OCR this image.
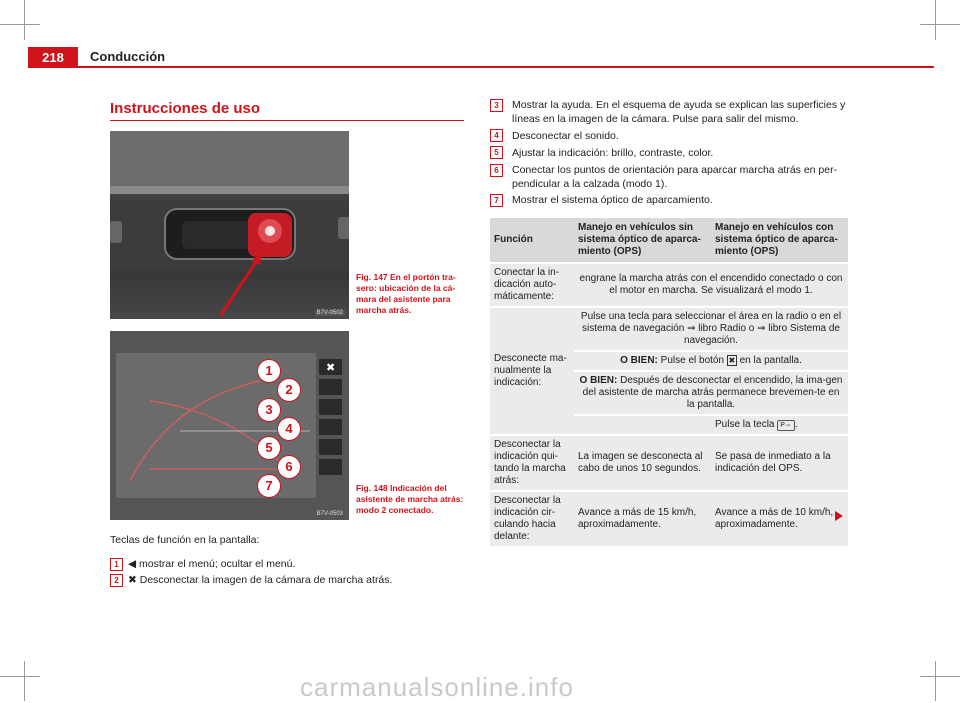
218	Conducción
Instrucciones de uso
B7V-0502
Fig. 147 En el portón tra-sero: ubicación de la cá-mara del asistente para marcha atrás.
✖
1
2
3
4
5
6
7
B7V-0503
Fig. 148 Indicación del asistente de marcha atrás: modo 2 conectado.
Teclas de función en la pantalla:
1 ◀ mostrar el menú; ocultar el menú.
2 ✖ Desconectar la imagen de la cámara de marcha atrás.
3	Mostrar la ayuda. En el esquema de ayuda se explican las superficies y líneas en la imagen de la cámara. Pulse para salir del mismo.
4	Desconectar el sonido.
5	Ajustar la indicación: brillo, contraste, color.
6	Conectar los puntos de orientación para aparcar marcha atrás en per-pendicular a la calzada (modo 1).
7	Mostrar el sistema óptico de aparcamiento.
Función	Manejo en vehículos sin sistema óptico de aparca-miento (OPS)	Manejo en vehículos con sistema óptico de aparca-miento (OPS)
Conectar la in-dicación auto-máticamente:	engrane la marcha atrás con el encendido conectado o con el motor en marcha. Se visualizará el modo 1.	
Desconecte ma-nualmente la indicación:	Pulse una tecla para seleccionar el área en la radio o en el sistema de navegación ⇒ libro Radio o ⇒ libro Sistema de navegación.	
	O BIEN: Pulse el botón ✖ en la pantalla.	
	O BIEN: Después de desconectar el encendido, la ima-gen del asistente de marcha atrás permanece brevemen-te en la pantalla.	
		Pulse la tecla P⇔ .
Desconectar la indicación qui-tando la marcha atrás:	La imagen se desconecta al cabo de unos 10 segundos.	Se pasa de inmediato a la indicación del OPS.
Desconectar la indicación cir-culando hacia delante:	Avance a más de 15 km/h, aproximadamente.	Avance a más de 10 km/h, aproximadamente.
carmanualsonline.info
